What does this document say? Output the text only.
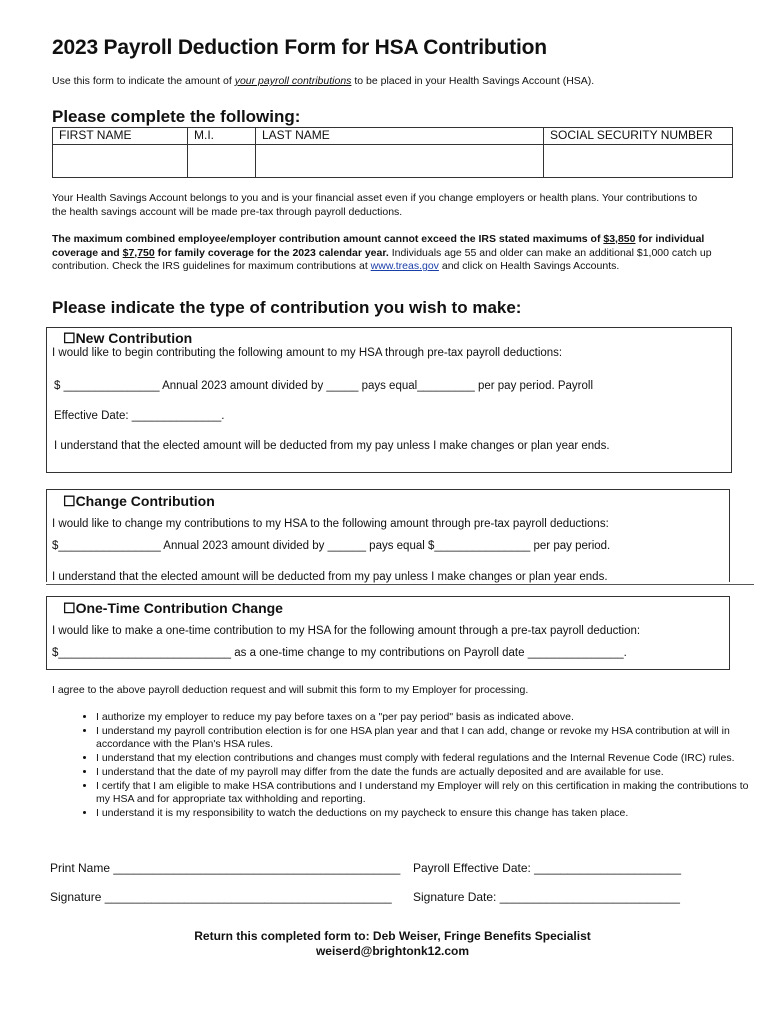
2023 Payroll Deduction Form for HSA Contribution
Use this form to indicate the amount of your payroll contributions to be placed in your Health Savings Account (HSA).
Please complete the following:
FIRST NAME	M.I.	LAST NAME	SOCIAL SECURITY NUMBER

Your Health Savings Account belongs to you and is your financial asset even if you change employers or health plans. Your contributions to the health savings account will be made pre-tax through payroll deductions.
The maximum combined employee/employer contribution amount cannot exceed the IRS stated maximums of $3,850 for individual coverage and $7,750 for family coverage for the 2023 calendar year. Individuals age 55 and older can make an additional $1,000 catch up contribution. Check the IRS guidelines for maximum contributions at www.treas.gov and click on Health Savings Accounts.
Please indicate the type of contribution you wish to make:
☐New Contribution
I would like to begin contributing the following amount to my HSA through pre-tax payroll deductions:
$ _______________ Annual 2023 amount divided by _____ pays equal_________ per pay period. Payroll
Effective Date: ______________.
I understand that the elected amount will be deducted from my pay unless I make changes or plan year ends.
☐Change Contribution
I would like to change my contributions to my HSA to the following amount through pre-tax payroll deductions:
$________________ Annual 2023 amount divided by ______ pays equal $_______________ per pay period.
I understand that the elected amount will be deducted from my pay unless I make changes or plan year ends.
☐One-Time Contribution Change
I would like to make a one-time contribution to my HSA for the following amount through a pre-tax payroll deduction:
$___________________________ as a one-time change to my contributions on Payroll date _______________.
I agree to the above payroll deduction request and will submit this form to my Employer for processing.
• I authorize my employer to reduce my pay before taxes on a "per pay period" basis as indicated above.
• I understand my payroll contribution election is for one HSA plan year and that I can add, change or revoke my HSA contribution at will in accordance with the Plan's HSA rules.
• I understand that my election contributions and changes must comply with federal regulations and the Internal Revenue Code (IRC) rules.
• I understand that the date of my payroll may differ from the date the funds are actually deposited and are available for use.
• I certify that I am eligible to make HSA contributions and I understand my Employer will rely on this certification in making the contributions to my HSA and for appropriate tax withholding and reporting.
• I understand it is my responsibility to watch the deductions on my paycheck to ensure this change has taken place.
Print Name ___________________________________________ Payroll Effective Date: ______________________
Signature ___________________________________________ Signature Date: ___________________________
Return this completed form to: Deb Weiser, Fringe Benefits Specialist
weiserd@brightonk12.com
